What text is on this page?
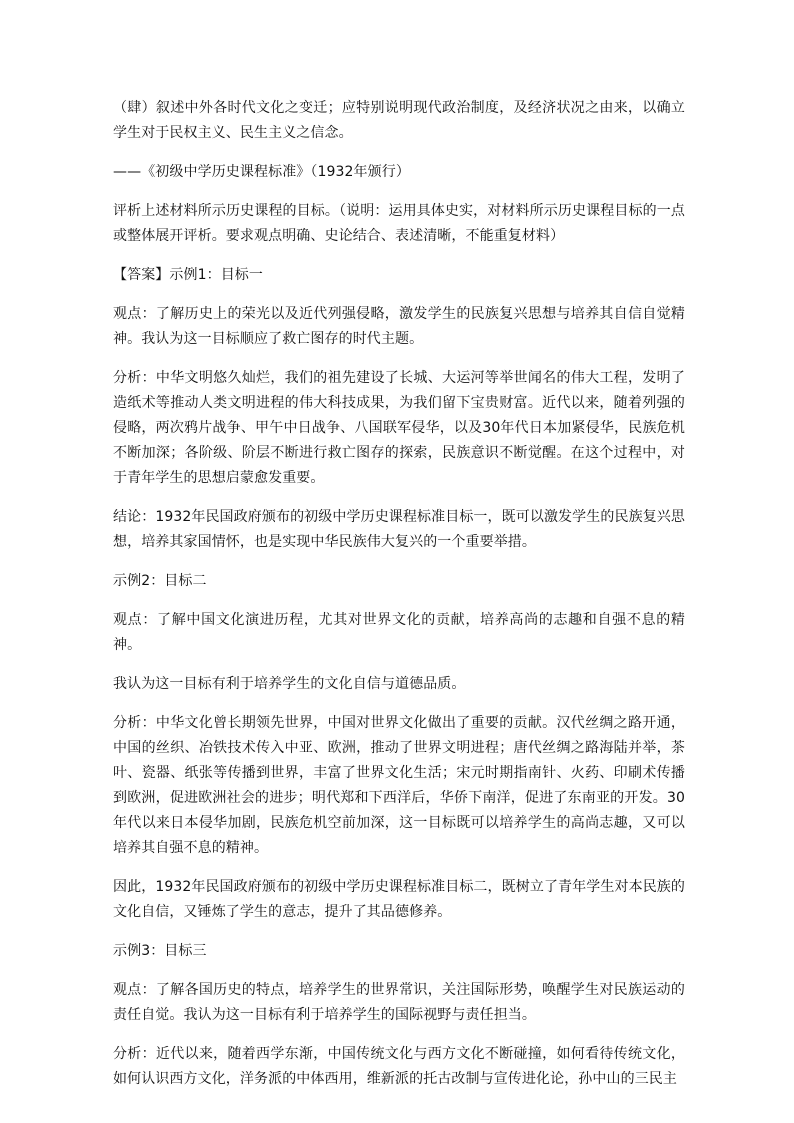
（肆）叙述中外各时代文化之变迁；应特别说明现代政治制度，及经济状况之由来，以确立学生对于民权主义、民生主义之信念。

——《初级中学历史课程标准》（1932年颁行）

评析上述材料所示历史课程的目标。（说明：运用具体史实，对材料所示历史课程目标的一点或整体展开评析。要求观点明确、史论结合、表述清晰，不能重复材料）

【答案】示例1：目标一

观点：了解历史上的荣光以及近代列强侵略，激发学生的民族复兴思想与培养其自信自觉精神。我认为这一目标顺应了救亡图存的时代主题。

分析：中华文明悠久灿烂，我们的祖先建设了长城、大运河等举世闻名的伟大工程，发明了造纸术等推动人类文明进程的伟大科技成果，为我们留下宝贵财富。近代以来，随着列强的侵略，两次鸦片战争、甲午中日战争、八国联军侵华，以及30年代日本加紧侵华，民族危机不断加深；各阶级、阶层不断进行救亡图存的探索，民族意识不断觉醒。在这个过程中，对于青年学生的思想启蒙愈发重要。

结论：1932年民国政府颁布的初级中学历史课程标准目标一，既可以激发学生的民族复兴思想，培养其家国情怀，也是实现中华民族伟大复兴的一个重要举措。

示例2：目标二

观点：了解中国文化演进历程，尤其对世界文化的贡献，培养高尚的志趣和自强不息的精神。

我认为这一目标有利于培养学生的文化自信与道德品质。

分析：中华文化曾长期领先世界，中国对世界文化做出了重要的贡献。汉代丝绸之路开通，中国的丝织、冶铁技术传入中亚、欧洲，推动了世界文明进程；唐代丝绸之路海陆并举，茶叶、瓷器、纸张等传播到世界，丰富了世界文化生活；宋元时期指南针、火药、印刷术传播到欧洲，促进欧洲社会的进步；明代郑和下西洋后，华侨下南洋，促进了东南亚的开发。30年代以来日本侵华加剧，民族危机空前加深，这一目标既可以培养学生的高尚志趣，又可以培养其自强不息的精神。

因此，1932年民国政府颁布的初级中学历史课程标准目标二，既树立了青年学生对本民族的文化自信，又锤炼了学生的意志，提升了其品德修养。

示例3：目标三

观点：了解各国历史的特点，培养学生的世界常识，关注国际形势，唤醒学生对民族运动的责任自觉。我认为这一目标有利于培养学生的国际视野与责任担当。

分析：近代以来，随着西学东渐，中国传统文化与西方文化不断碰撞，如何看待传统文化，如何认识西方文化，洋务派的中体西用，维新派的托古改制与宣传进化论，孙中山的三民主
